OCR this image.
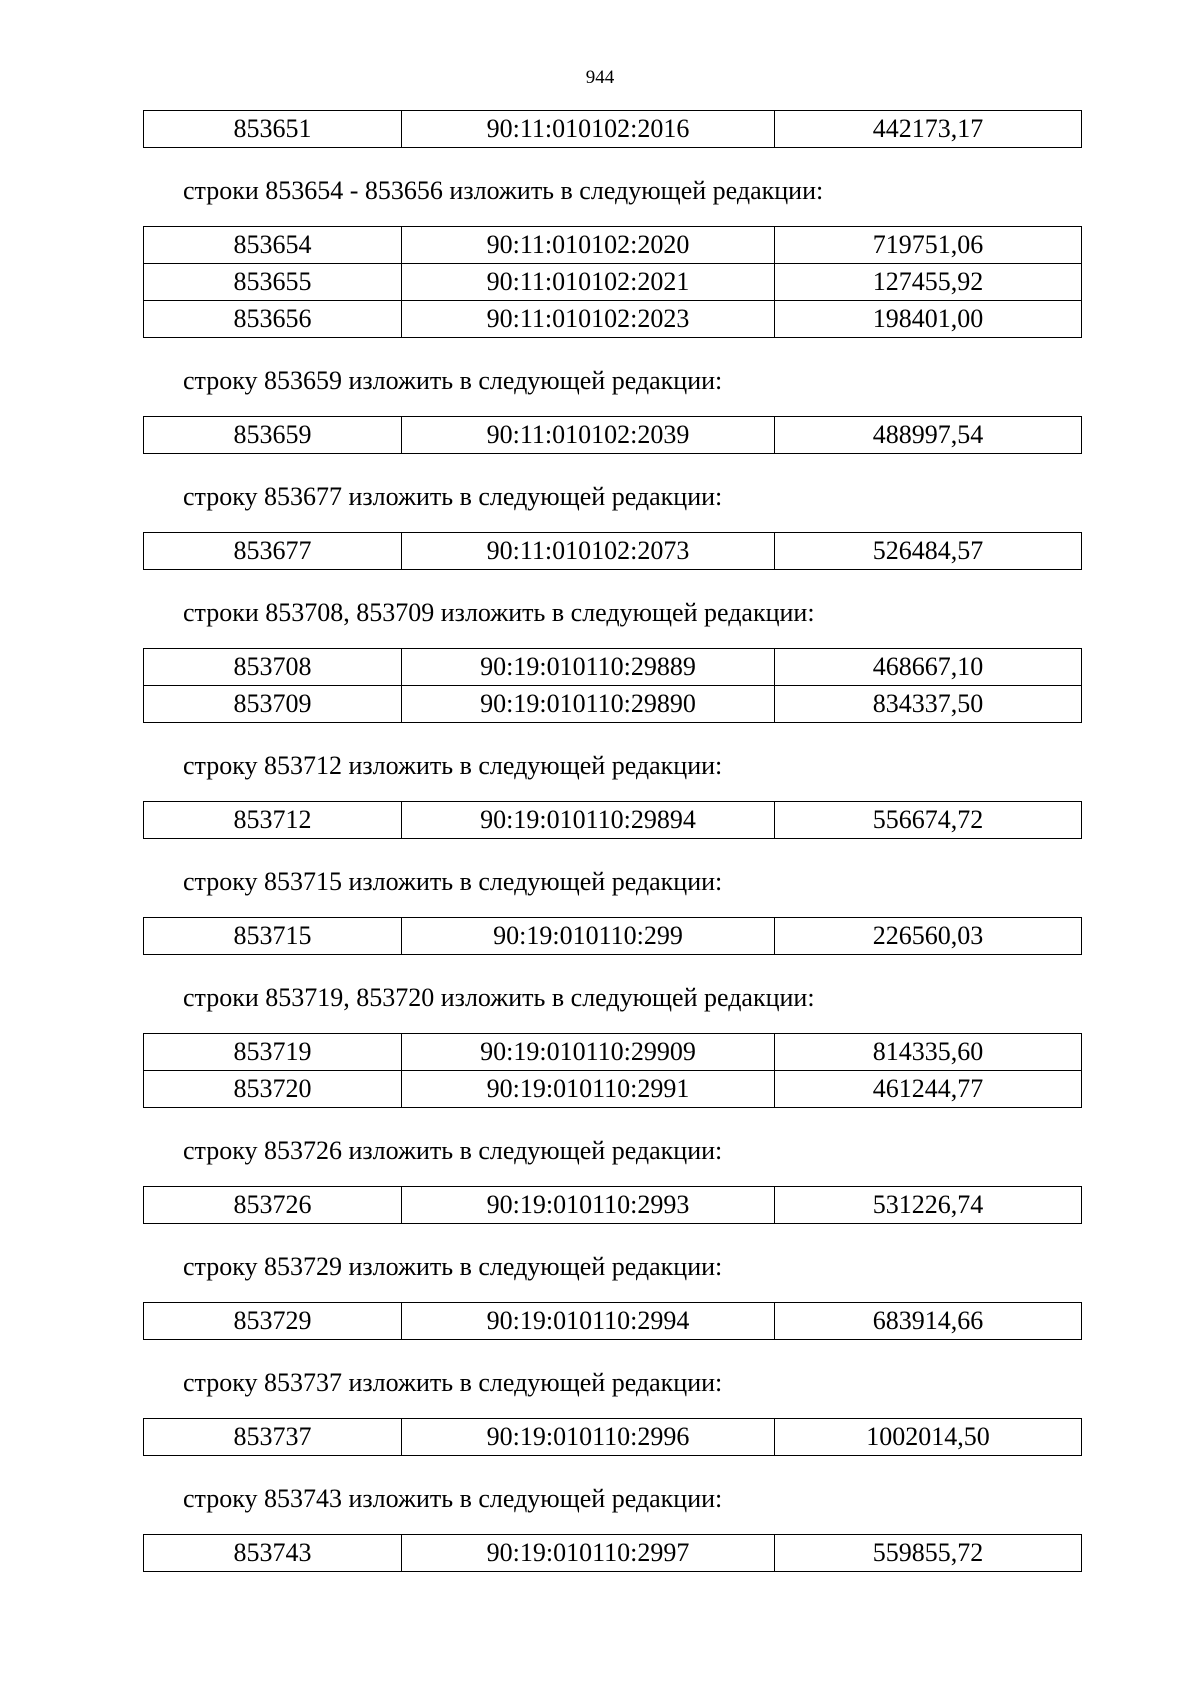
944
853651	90:11:010102:2016	442173,17
строки 853654 - 853656 изложить в следующей редакции:
853654	90:11:010102:2020	719751,06
853655	90:11:010102:2021	127455,92
853656	90:11:010102:2023	198401,00
строку 853659 изложить в следующей редакции:
853659	90:11:010102:2039	488997,54
строку 853677 изложить в следующей редакции:
853677	90:11:010102:2073	526484,57
строки 853708, 853709 изложить в следующей редакции:
853708	90:19:010110:29889	468667,10
853709	90:19:010110:29890	834337,50
строку 853712 изложить в следующей редакции:
853712	90:19:010110:29894	556674,72
строку 853715 изложить в следующей редакции:
853715	90:19:010110:299	226560,03
строки 853719, 853720 изложить в следующей редакции:
853719	90:19:010110:29909	814335,60
853720	90:19:010110:2991	461244,77
строку 853726 изложить в следующей редакции:
853726	90:19:010110:2993	531226,74
строку 853729 изложить в следующей редакции:
853729	90:19:010110:2994	683914,66
строку 853737 изложить в следующей редакции:
853737	90:19:010110:2996	1002014,50
строку 853743 изложить в следующей редакции:
853743	90:19:010110:2997	559855,72
